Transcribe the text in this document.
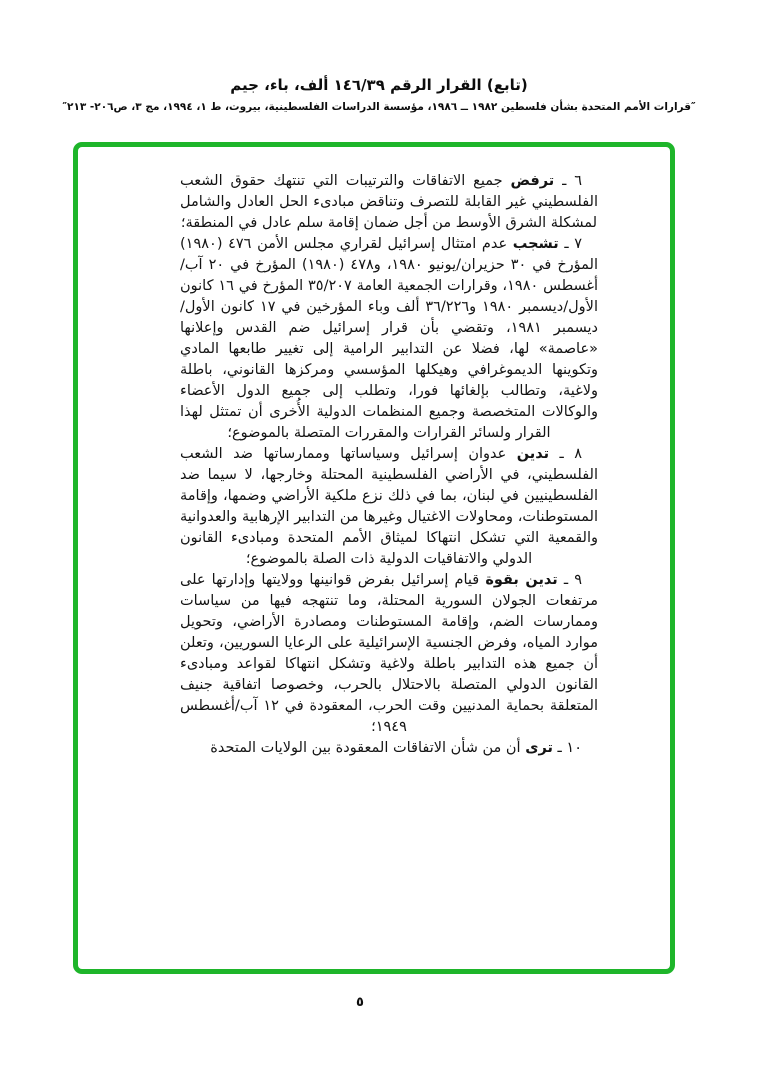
(تابع) القرار الرقم ١٤٦/٣٩ ألف، باء، جيم
″قرارات الأمم المتحدة بشأن فلسطين ١٩٨٢ ــ ١٩٨٦، مؤسسة الدراسات الفلسطينية، بيروت، ط ١، ١٩٩٤، مج ٣، ص٢٠٦- ٢١٣″

٦ ـ ترفض جميع الاتفاقات والترتيبات التي تنتهك حقوق الشعب الفلسطيني غير القابلة للتصرف وتناقض مبادىء الحل العادل والشامل لمشكلة الشرق الأوسط من أجل ضمان إقامة سلم عادل في المنطقة؛

٧ ـ تشجب عدم امتثال إسرائيل لقراري مجلس الأمن ٤٧٦ (١٩٨٠) المؤرخ في ٣٠ حزيران/يونيو ١٩٨٠، و٤٧٨ (١٩٨٠) المؤرخ في ٢٠ آب/أغسطس ١٩٨٠، وقرارات الجمعية العامة ٣٥/٢٠٧ المؤرخ في ١٦ كانون الأول/ديسمبر ١٩٨٠ و٣٦/٢٢٦ ألف وباء المؤرخين في ١٧ كانون الأول/ديسمبر ١٩٨١، وتقضي بأن قرار إسرائيل ضم القدس وإعلانها «عاصمة» لها، فضلا عن التدابير الرامية إلى تغيير طابعها المادي وتكوينها الديموغرافي وهيكلها المؤسسي ومركزها القانوني، باطلة ولاغية، وتطالب بإلغائها فورا، وتطلب إلى جميع الدول الأعضاء والوكالات المتخصصة وجميع المنظمات الدولية الأُخرى أن تمتثل لهذا القرار ولسائر القرارات والمقررات المتصلة بالموضوع؛

٨ ـ تدين عدوان إسرائيل وسياساتها وممارساتها ضد الشعب الفلسطيني، في الأراضي الفلسطينية المحتلة وخارجها، لا سيما ضد الفلسطينيين في لبنان، بما في ذلك نزع ملكية الأراضي وضمها، وإقامة المستوطنات، ومحاولات الاغتيال وغيرها من التدابير الإرهابية والعدوانية والقمعية التي تشكل انتهاكا لميثاق الأمم المتحدة ومبادىء القانون الدولي والاتفاقيات الدولية ذات الصلة بالموضوع؛

٩ ـ تدين بقوة قيام إسرائيل بفرض قوانينها وولايتها وإدارتها على مرتفعات الجولان السورية المحتلة، وما تنتهجه فيها من سياسات وممارسات الضم، وإقامة المستوطنات ومصادرة الأراضي، وتحويل موارد المياه، وفرض الجنسية الإسرائيلية على الرعايا السوريين، وتعلن أن جميع هذه التدابير باطلة ولاغية وتشكل انتهاكا لقواعد ومبادىء القانون الدولي المتصلة بالاحتلال بالحرب، وخصوصا اتفاقية جنيف المتعلقة بحماية المدنيين وقت الحرب، المعقودة في ١٢ آب/أغسطس ١٩٤٩؛

١٠ ـ ترى أن من شأن الاتفاقات المعقودة بين الولايات المتحدة

٥
